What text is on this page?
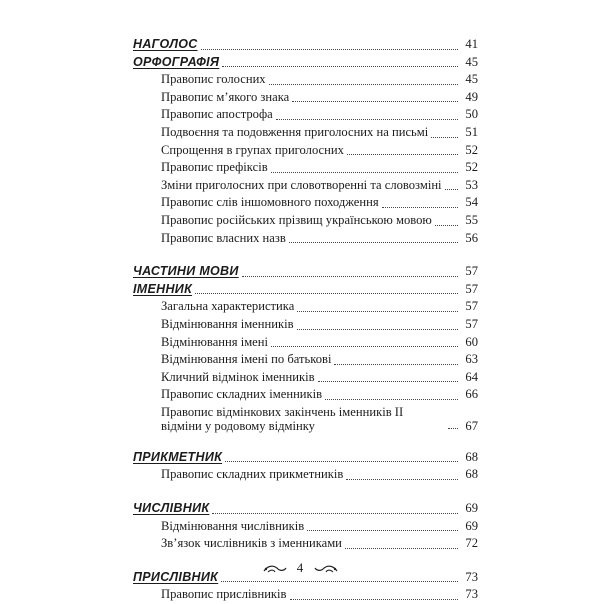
НАГОЛОС	41
ОРФОГРАФІЯ	45
Правопис голосних	45
Правопис м’якого знака	49
Правопис апострофа	50
Подвоєння та подовження приголосних на письмі	51
Спрощення в групах приголосних	52
Правопис префіксів	52
Зміни приголосних при словотворенні та словозміні	53
Правопис слів іншомовного походження	54
Правопис російських прізвищ українською мовою	55
Правопис власних назв	56
ЧАСТИНИ МОВИ	57
ІМЕННИК	57
Загальна характеристика	57
Відмінювання іменників	57
Відмінювання імені	60
Відмінювання імені по батькові	63
Кличний відмінок іменників	64
Правопис складних іменників	66
Правопис відмінкових закінчень іменників II відміни у родовому відмінку	67
ПРИКМЕТНИК	68
Правопис складних прикметників	68
ЧИСЛІВНИК	69
Відмінювання числівників	69
Зв’язок числівників з іменниками	72
ПРИСЛІВНИК	73
Правопис прислівників	73
4
